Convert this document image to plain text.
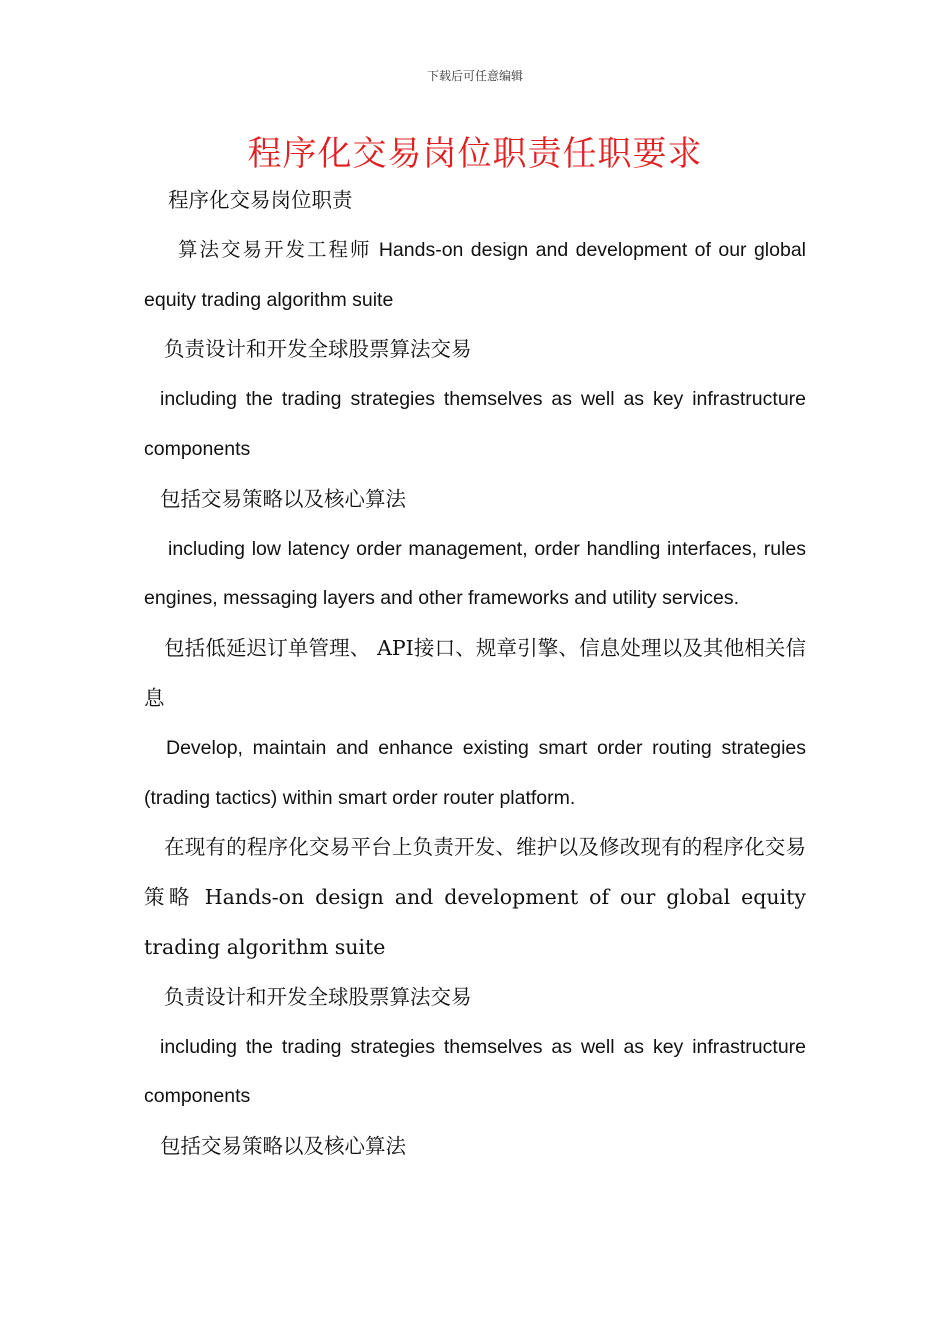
下载后可任意编辑
程序化交易岗位职责任职要求

程序化交易岗位职责

算法交易开发工程师 Hands-on design and development of our global equity trading algorithm suite

负责设计和开发全球股票算法交易

including the trading strategies themselves as well as key infrastructure components

包括交易策略以及核心算法

including low latency order management, order handling interfaces, rules engines, messaging layers and other frameworks and utility services.

包括低延迟订单管理、 API接口、规章引擎、信息处理以及其他相关信息

Develop, maintain and enhance existing smart order routing strategies (trading tactics) within smart order router platform.

在现有的程序化交易平台上负责开发、维护以及修改现有的程序化交易策略 Hands-on design and development of our global equity trading algorithm suite

负责设计和开发全球股票算法交易

including the trading strategies themselves as well as key infrastructure components

包括交易策略以及核心算法
